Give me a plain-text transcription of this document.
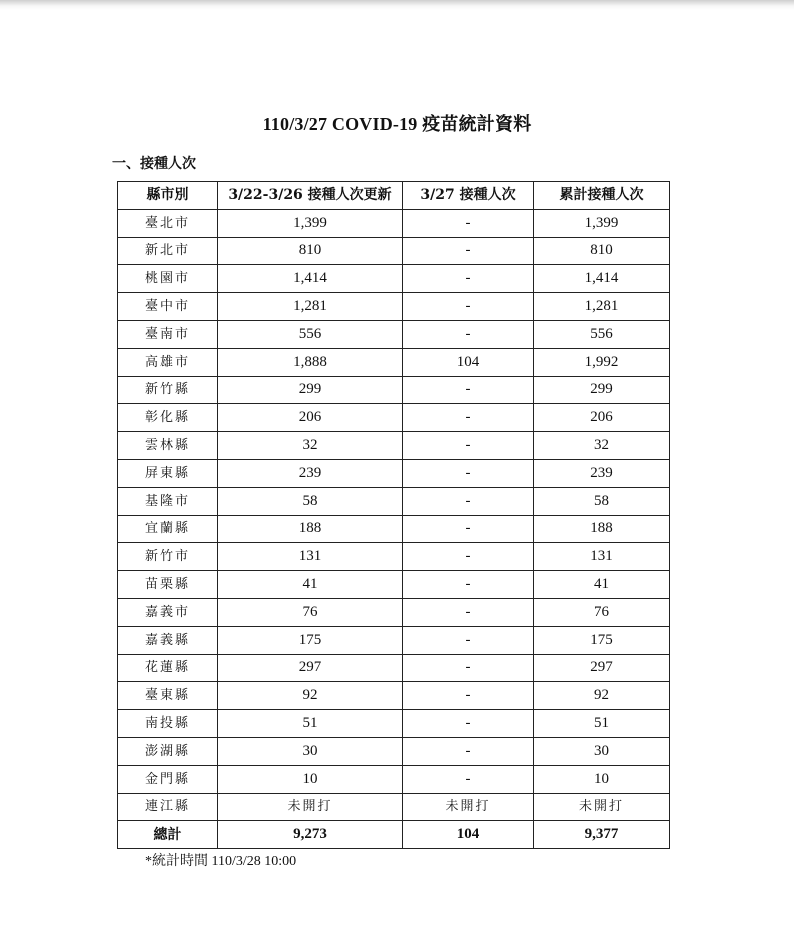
110/3/27 COVID-19 疫苗統計資料
一、接種人次
縣市別	3/22-3/26 接種人次更新	3/27 接種人次	累計接種人次
臺北市	1,399	-	1,399
新北市	810	-	810
桃園市	1,414	-	1,414
臺中市	1,281	-	1,281
臺南市	556	-	556
高雄市	1,888	104	1,992
新竹縣	299	-	299
彰化縣	206	-	206
雲林縣	32	-	32
屏東縣	239	-	239
基隆市	58	-	58
宜蘭縣	188	-	188
新竹市	131	-	131
苗栗縣	41	-	41
嘉義市	76	-	76
嘉義縣	175	-	175
花蓮縣	297	-	297
臺東縣	92	-	92
南投縣	51	-	51
澎湖縣	30	-	30
金門縣	10	-	10
連江縣	未開打	未開打	未開打
總計	9,273	104	9,377
*統計時間 110/3/28 10:00
